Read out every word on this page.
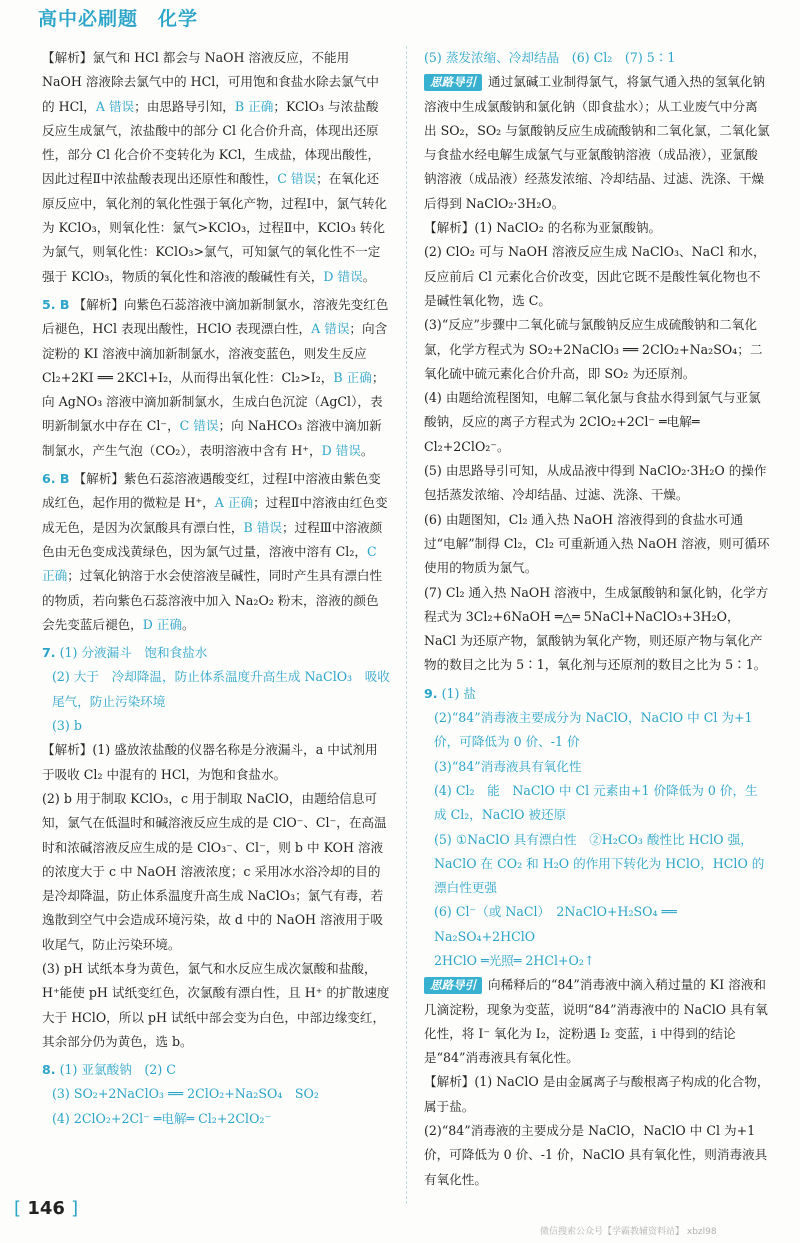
高中必刷题　化学

【解析】氯气和 HCl 都会与 NaOH 溶液反应，不能用 NaOH 溶液除去氯气中的 HCl，可用饱和食盐水除去氯气中的 HCl，A 错误；由思路导引知，B 正确；KClO₃ 与浓盐酸反应生成氯气，浓盐酸中的部分 Cl 化合价升高，体现出还原性，部分 Cl 化合价不变转化为 KCl，生成盐，体现出酸性，因此过程Ⅱ中浓盐酸表现出还原性和酸性，C 错误；在氧化还原反应中，氧化剂的氧化性强于氧化产物，过程Ⅰ中，氯气转化为 KClO₃，则氧化性：氯气>KClO₃，过程Ⅱ中，KClO₃ 转化为氯气，则氧化性：KClO₃>氯气，可知氯气的氧化性不一定强于 KClO₃，物质的氧化性和溶液的酸碱性有关，D 错误。

5. B 【解析】向紫色石蕊溶液中滴加新制氯水，溶液先变红色后褪色，HCl 表现出酸性，HClO 表现漂白性，A 错误；向含淀粉的 KI 溶液中滴加新制氯水，溶液变蓝色，则发生反应 Cl₂+2KI ══ 2KCl+I₂，从而得出氧化性：Cl₂>I₂，B 正确；向 AgNO₃ 溶液中滴加新制氯水，生成白色沉淀（AgCl），表明新制氯水中存在 Cl⁻，C 错误；向 NaHCO₃ 溶液中滴加新制氯水，产生气泡（CO₂），表明溶液中含有 H⁺，D 错误。

6. B 【解析】紫色石蕊溶液遇酸变红，过程Ⅰ中溶液由紫色变成红色，起作用的微粒是 H⁺，A 正确；过程Ⅱ中溶液由红色变成无色，是因为次氯酸具有漂白性，B 错误；过程Ⅲ中溶液颜色由无色变成浅黄绿色，因为氯气过量，溶液中溶有 Cl₂，C 正确；过氧化钠溶于水会使溶液呈碱性，同时产生具有漂白性的物质，若向紫色石蕊溶液中加入 Na₂O₂ 粉末，溶液的颜色会先变蓝后褪色，D 正确。

7. (1) 分液漏斗　饱和食盐水

(2) 大于　冷却降温，防止体系温度升高生成 NaClO₃　吸收尾气，防止污染环境

(3) b

【解析】(1) 盛放浓盐酸的仪器名称是分液漏斗，a 中试剂用于吸收 Cl₂ 中混有的 HCl，为饱和食盐水。

(2) b 用于制取 KClO₃，c 用于制取 NaClO，由题给信息可知，氯气在低温时和碱溶液反应生成的是 ClO⁻、Cl⁻，在高温时和浓碱溶液反应生成的是 ClO₃⁻、Cl⁻，则 b 中 KOH 溶液的浓度大于 c 中 NaOH 溶液浓度；c 采用冰水浴冷却的目的是冷却降温，防止体系温度升高生成 NaClO₃；氯气有毒，若逸散到空气中会造成环境污染，故 d 中的 NaOH 溶液用于吸收尾气，防止污染环境。

(3) pH 试纸本身为黄色，氯气和水反应生成次氯酸和盐酸，H⁺能使 pH 试纸变红色，次氯酸有漂白性，且 H⁺ 的扩散速度大于 HClO，所以 pH 试纸中部会变为白色，中部边缘变红，其余部分仍为黄色，选 b。

8. (1) 亚氯酸钠　(2) C

(3) SO₂+2NaClO₃ ══ 2ClO₂+Na₂SO₄　SO₂

(4) 2ClO₂+2Cl⁻ ═电解═ Cl₂+2ClO₂⁻

(5) 蒸发浓缩、冷却结晶　(6) Cl₂　(7) 5∶1

思路导引 通过氯碱工业制得氯气，将氯气通入热的氢氧化钠溶液中生成氯酸钠和氯化钠（即食盐水）；从工业废气中分离出 SO₂，SO₂ 与氯酸钠反应生成硫酸钠和二氧化氯，二氧化氯与食盐水经电解生成氯气与亚氯酸钠溶液（成品液），亚氯酸钠溶液（成品液）经蒸发浓缩、冷却结晶、过滤、洗涤、干燥后得到 NaClO₂·3H₂O。

【解析】(1) NaClO₂ 的名称为亚氯酸钠。

(2) ClO₂ 可与 NaOH 溶液反应生成 NaClO₃、NaCl 和水，反应前后 Cl 元素化合价改变，因此它既不是酸性氧化物也不是碱性氧化物，选 C。

(3)“反应”步骤中二氧化硫与氯酸钠反应生成硫酸钠和二氧化氯，化学方程式为 SO₂+2NaClO₃ ══ 2ClO₂+Na₂SO₄；二氧化硫中硫元素化合价升高，即 SO₂ 为还原剂。

(4) 由题给流程图知，电解二氧化氯与食盐水得到氯气与亚氯酸钠，反应的离子方程式为 2ClO₂+2Cl⁻ ═电解═ Cl₂+2ClO₂⁻。

(5) 由思路导引可知，从成品液中得到 NaClO₂·3H₂O 的操作包括蒸发浓缩、冷却结晶、过滤、洗涤、干燥。

(6) 由题图知，Cl₂ 通入热 NaOH 溶液得到的食盐水可通过“电解”制得 Cl₂，Cl₂ 可重新通入热 NaOH 溶液，则可循环使用的物质为氯气。

(7) Cl₂ 通入热 NaOH 溶液中，生成氯酸钠和氯化钠，化学方程式为 3Cl₂+6NaOH ═△═ 5NaCl+NaClO₃+3H₂O，NaCl 为还原产物，氯酸钠为氧化产物，则还原产物与氧化产物的数目之比为 5∶1，氧化剂与还原剂的数目之比为 5∶1。

9. (1) 盐

(2)“84”消毒液主要成分为 NaClO，NaClO 中 Cl 为+1 价，可降低为 0 价、-1 价

(3)“84”消毒液具有氧化性

(4) Cl₂　能　NaClO 中 Cl 元素由+1 价降低为 0 价，生成 Cl₂，NaClO 被还原

(5) ①NaClO 具有漂白性　②H₂CO₃ 酸性比 HClO 强，NaClO 在 CO₂ 和 H₂O 的作用下转化为 HClO，HClO 的漂白性更强

(6) Cl⁻（或 NaCl）　2NaClO+H₂SO₄ ══ Na₂SO₄+2HClO

2HClO ═光照═ 2HCl+O₂↑

思路导引 向稀释后的“84”消毒液中滴入稍过量的 KI 溶液和几滴淀粉，现象为变蓝，说明“84”消毒液中的 NaClO 具有氧化性，将 I⁻ 氧化为 I₂，淀粉遇 I₂ 变蓝，i 中得到的结论是“84”消毒液具有氧化性。

【解析】(1) NaClO 是由金属离子与酸根离子构成的化合物，属于盐。

(2)“84”消毒液的主要成分是 NaClO，NaClO 中 Cl 为+1 价，可降低为 0 价、-1 价，NaClO 具有氧化性，则消毒液具有氧化性。

[ 146 ]
微信搜索公众号【学霸教辅资料站】 xbzl98
